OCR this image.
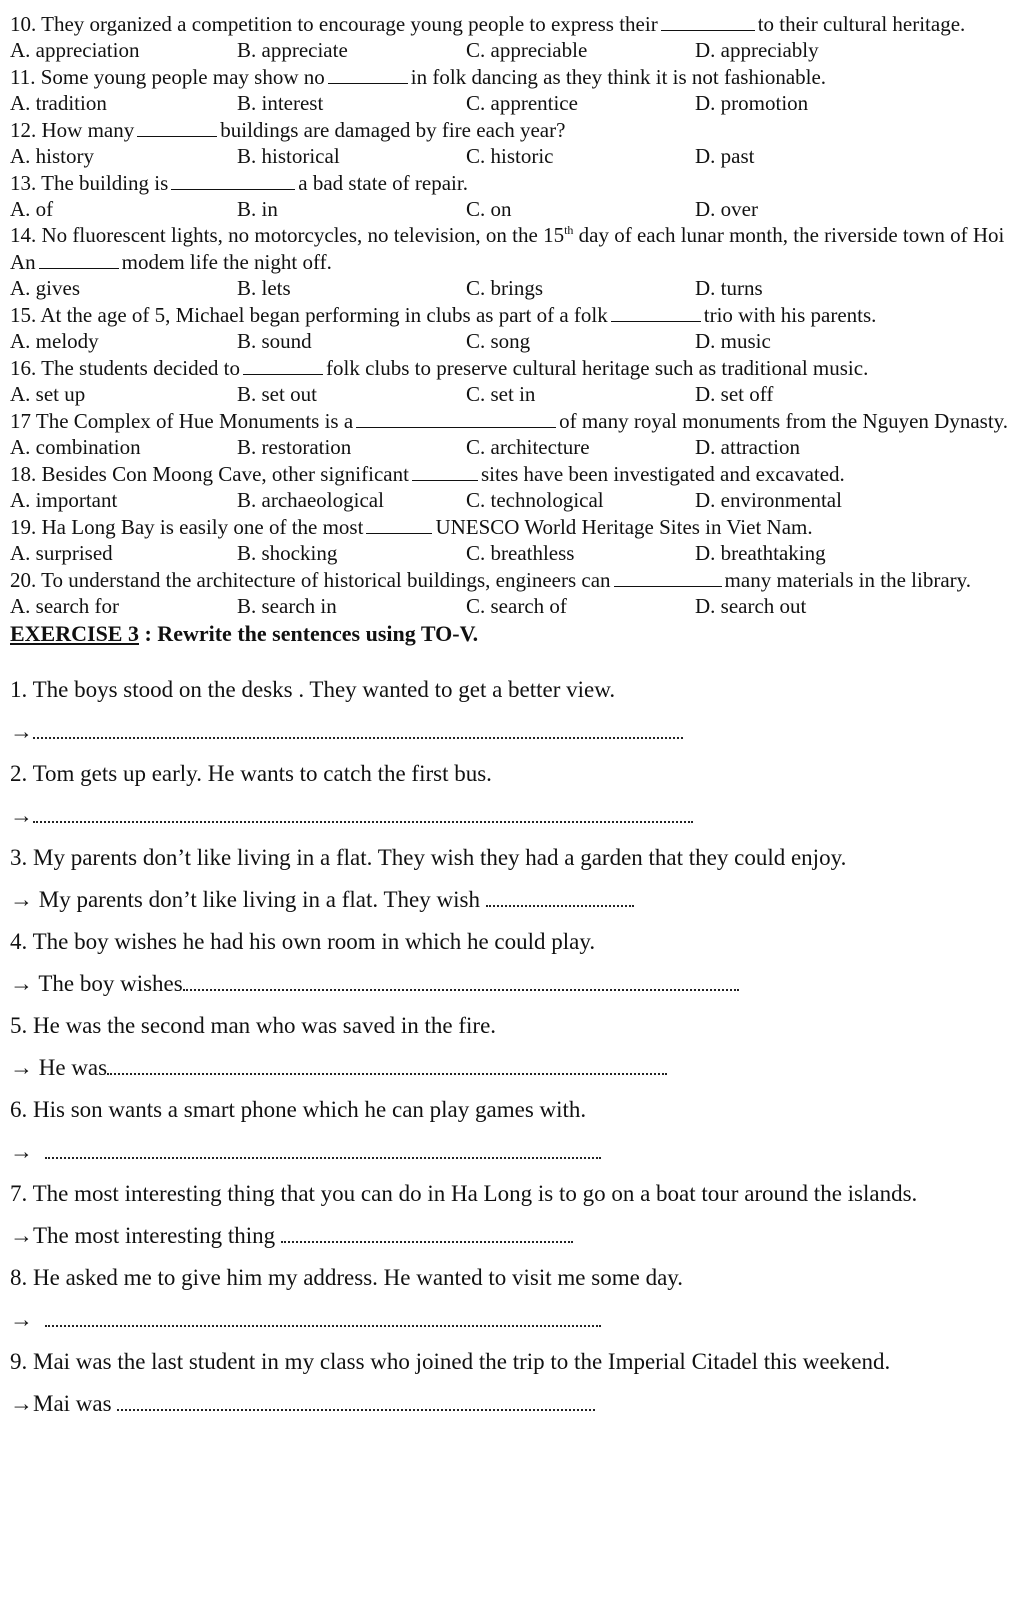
10. They organized a competition to encourage young people to express their	to their cultural heritage.
A. appreciation	B. appreciate	C. appreciable	D. appreciably
11. Some young people may show no	in folk dancing as they think it is not fashionable.
A. tradition	B. interest	C. apprentice	D. promotion
12. How many	buildings are damaged by fire each year?
A. history	B. historical	C. historic	D. past
13. The building is	a bad state of repair.
A. of	B. in	C. on	D. over
14. No fluorescent lights, no motorcycles, no television, on the 15th day of each lunar month, the riverside town of Hoi An	modem life the night off.
A. gives	B. lets	C. brings	D. turns
15. At the age of 5, Michael began performing in clubs as part of a folk	trio with his parents.
A. melody	B. sound	C. song	D. music
16. The students decided to	folk clubs to preserve cultural heritage such as traditional music.
A. set up	B. set out	C. set in	D. set off
17 The Complex of Hue Monuments is a	of many royal monuments from the Nguyen Dynasty.
A. combination	B. restoration	C. architecture	D. attraction
18. Besides Con Moong Cave, other significant	sites have been investigated and excavated.
A. important	B. archaeological	C. technological	D. environmental
19. Ha Long Bay is easily one of the most	UNESCO World Heritage Sites in Viet Nam.
A. surprised	B. shocking	C. breathless	D. breathtaking
20. To understand the architecture of historical buildings, engineers can	many materials in the library.
A. search for	B. search in	C. search of	D. search out
EXERCISE 3 : Rewrite the sentences using TO-V.
1. The boys stood on the desks . They wanted to get a better view.
→
2. Tom gets up early. He wants to catch the first bus.
→
3. My parents don’t like living in a flat. They wish they had a garden that they could enjoy.
→ My parents don’t like living in a flat. They wish
4. The boy wishes he had his own room in which he could play.
→ The boy wishes
5. He was the second man who was saved in the fire.
→ He was
6. His son wants a smart phone which he can play games with.
→
7. The most interesting thing that you can do in Ha Long is to go on a boat tour around the islands.
→The most interesting thing
8. He asked me to give him my address. He wanted to visit me some day.
→
9. Mai was the last student in my class who joined the trip to the Imperial Citadel this weekend.
→Mai was
